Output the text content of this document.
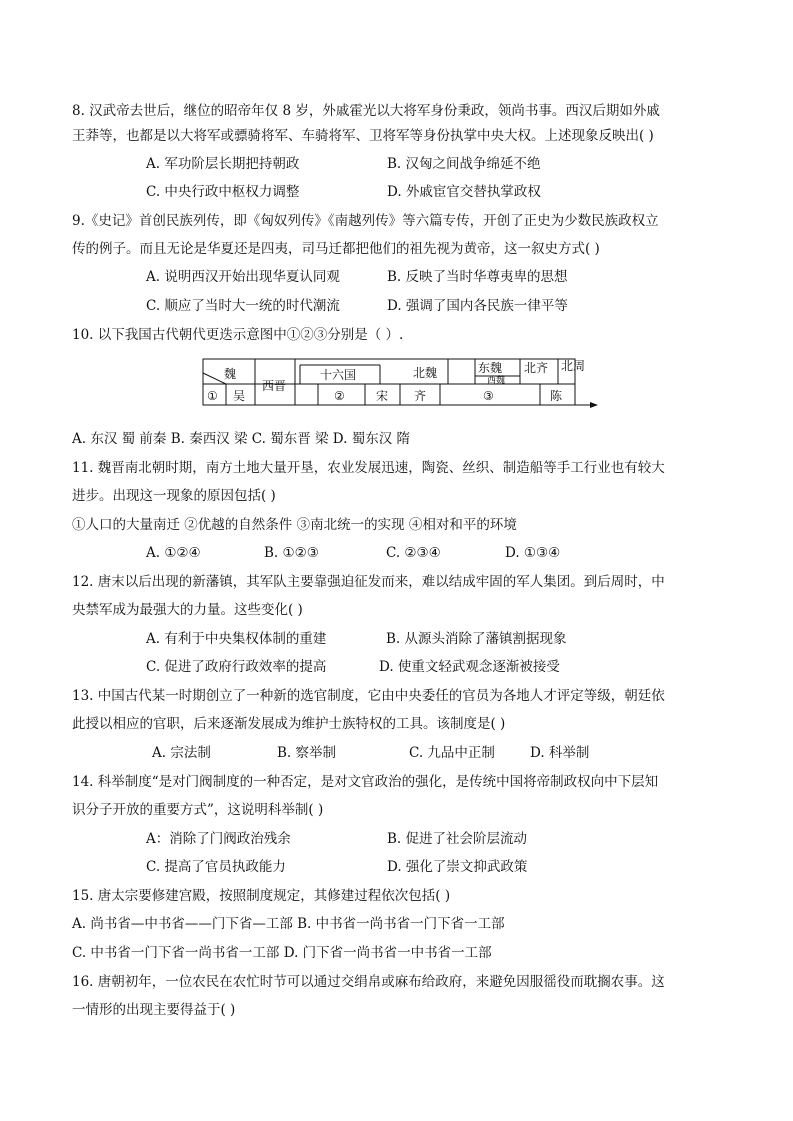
8. 汉武帝去世后，继位的昭帝年仅 8 岁，外戚霍光以大将军身份秉政，领尚书事。西汉后期如外戚
王莽等，也都是以大将军或骠骑将军、车骑将军、卫将军等身份执掌中央大权。上述现象反映出( )
A. 军功阶层长期把持朝政	B. 汉匈之间战争绵延不绝
C. 中央行政中枢权力调整	D. 外戚宦官交替执掌政权
9.《史记》首创民族列传，即《匈奴列传》《南越列传》等六篇专传，开创了正史为少数民族政权立
传的例子。而且无论是华夏还是四夷，司马迁都把他们的祖先视为黄帝，这一叙史方式( )
A. 说明西汉开始出现华夏认同观	B. 反映了当时华尊夷卑的思想
C. 顺应了当时大一统的时代潮流	D. 强调了国内各民族一律平等
10. 以下我国古代朝代更迭示意图中①②③分别是（ ）.
魏
① 吴
西晋
十六国
②
北魏
宋 齐
东魏
西魏
北齐 北周
③	陈
A. 东汉 蜀 前秦 B. 秦西汉 梁 C. 蜀东晋 梁 D. 蜀东汉 隋
11. 魏晋南北朝时期，南方土地大量开垦，农业发展迅速，陶瓷、丝织、制造船等手工行业也有较大
进步。出现这一现象的原因包括( )
①人口的大量南迁 ②优越的自然条件 ③南北统一的实现 ④相对和平的环境
A. ①②④	B. ①②③	C. ②③④	D. ①③④
12. 唐末以后出现的新藩镇，其军队主要靠强迫征发而来，难以结成牢固的军人集团。到后周时，中
央禁军成为最强大的力量。这些变化( )
A. 有利于中央集权体制的重建	B. 从源头消除了藩镇割据现象
C. 促进了政府行政效率的提高	D. 使重文轻武观念逐渐被接受
13. 中国古代某一时期创立了一种新的选官制度，它由中央委任的官员为各地人才评定等级，朝廷依
此授以相应的官职，后来逐渐发展成为维护士族特权的工具。该制度是( )
A. 宗法制	B. 察举制	C. 九品中正制	D. 科举制
14. 科举制度“是对门阀制度的一种否定，是对文官政治的强化，是传统中国将帝制政权向中下层知
识分子开放的重要方式”，这说明科举制( )
A：消除了门阀政治残余	B. 促进了社会阶层流动
C. 提高了官员执政能力	D. 强化了崇文抑武政策
15. 唐太宗要修建宫殿，按照制度规定，其修建过程依次包括( )
A. 尚书省—中书省——门下省—工部 B. 中书省一尚书省一门下省一工部
C. 中书省一门下省一尚书省一工部 D. 门下省一尚书省一中书省一工部
16. 唐朝初年，一位农民在农忙时节可以通过交绢帛或麻布给政府，来避免因服徭役而耽搁农事。这
一情形的出现主要得益于( )
